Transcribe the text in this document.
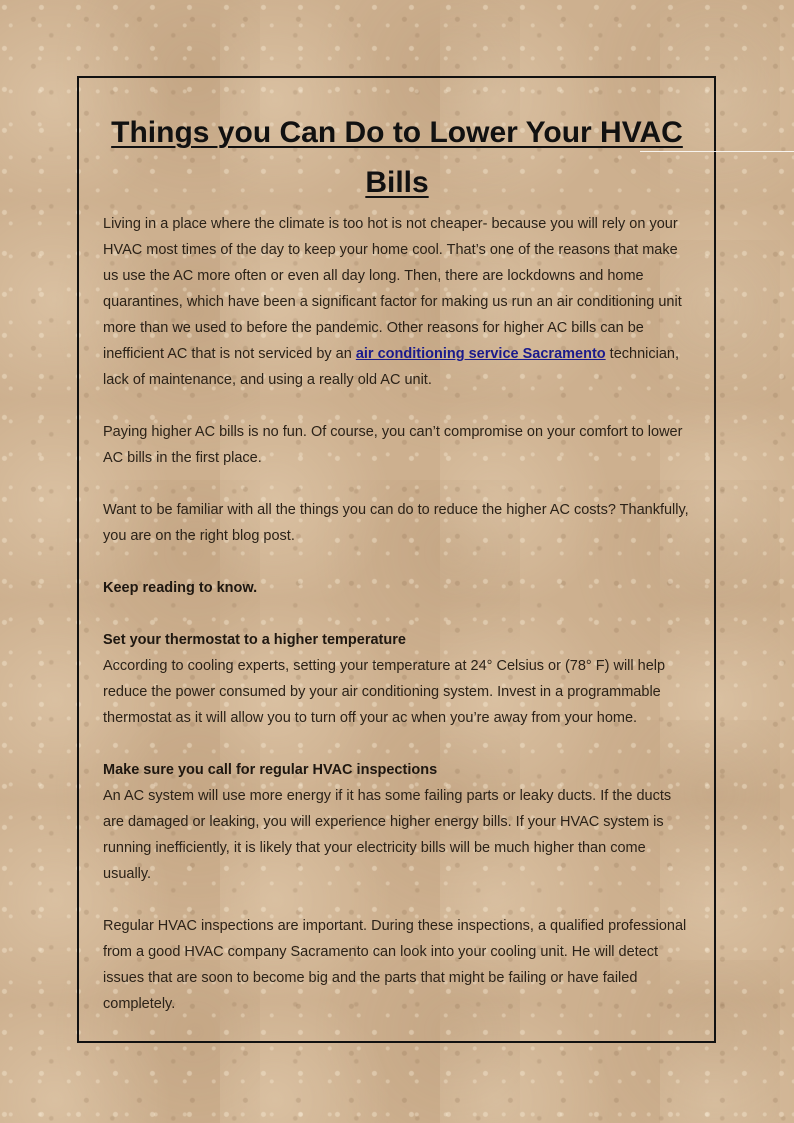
Things you Can Do to Lower Your HVAC Bills

Living in a place where the climate is too hot is not cheaper- because you will rely on your HVAC most times of the day to keep your home cool. That’s one of the reasons that make us use the AC more often or even all day long. Then, there are lockdowns and home quarantines, which have been a significant factor for making us run an air conditioning unit more than we used to before the pandemic. Other reasons for higher AC bills can be inefficient AC that is not serviced by an air conditioning service Sacramento technician, lack of maintenance, and using a really old AC unit.

Paying higher AC bills is no fun. Of course, you can’t compromise on your comfort to lower AC bills in the first place.

Want to be familiar with all the things you can do to reduce the higher AC costs? Thankfully, you are on the right blog post.

Keep reading to know.

Set your thermostat to a higher temperature

According to cooling experts, setting your temperature at 24° Celsius or (78° F) will help reduce the power consumed by your air conditioning system. Invest in a programmable thermostat as it will allow you to turn off your ac when you’re away from your home.

Make sure you call for regular HVAC inspections

An AC system will use more energy if it has some failing parts or leaky ducts. If the ducts are damaged or leaking, you will experience higher energy bills. If your HVAC system is running inefficiently, it is likely that your electricity bills will be much higher than come usually.

Regular HVAC inspections are important. During these inspections, a qualified professional from a good HVAC company Sacramento can look into your cooling unit. He will detect issues that are soon to become big and the parts that might be failing or have failed completely.
